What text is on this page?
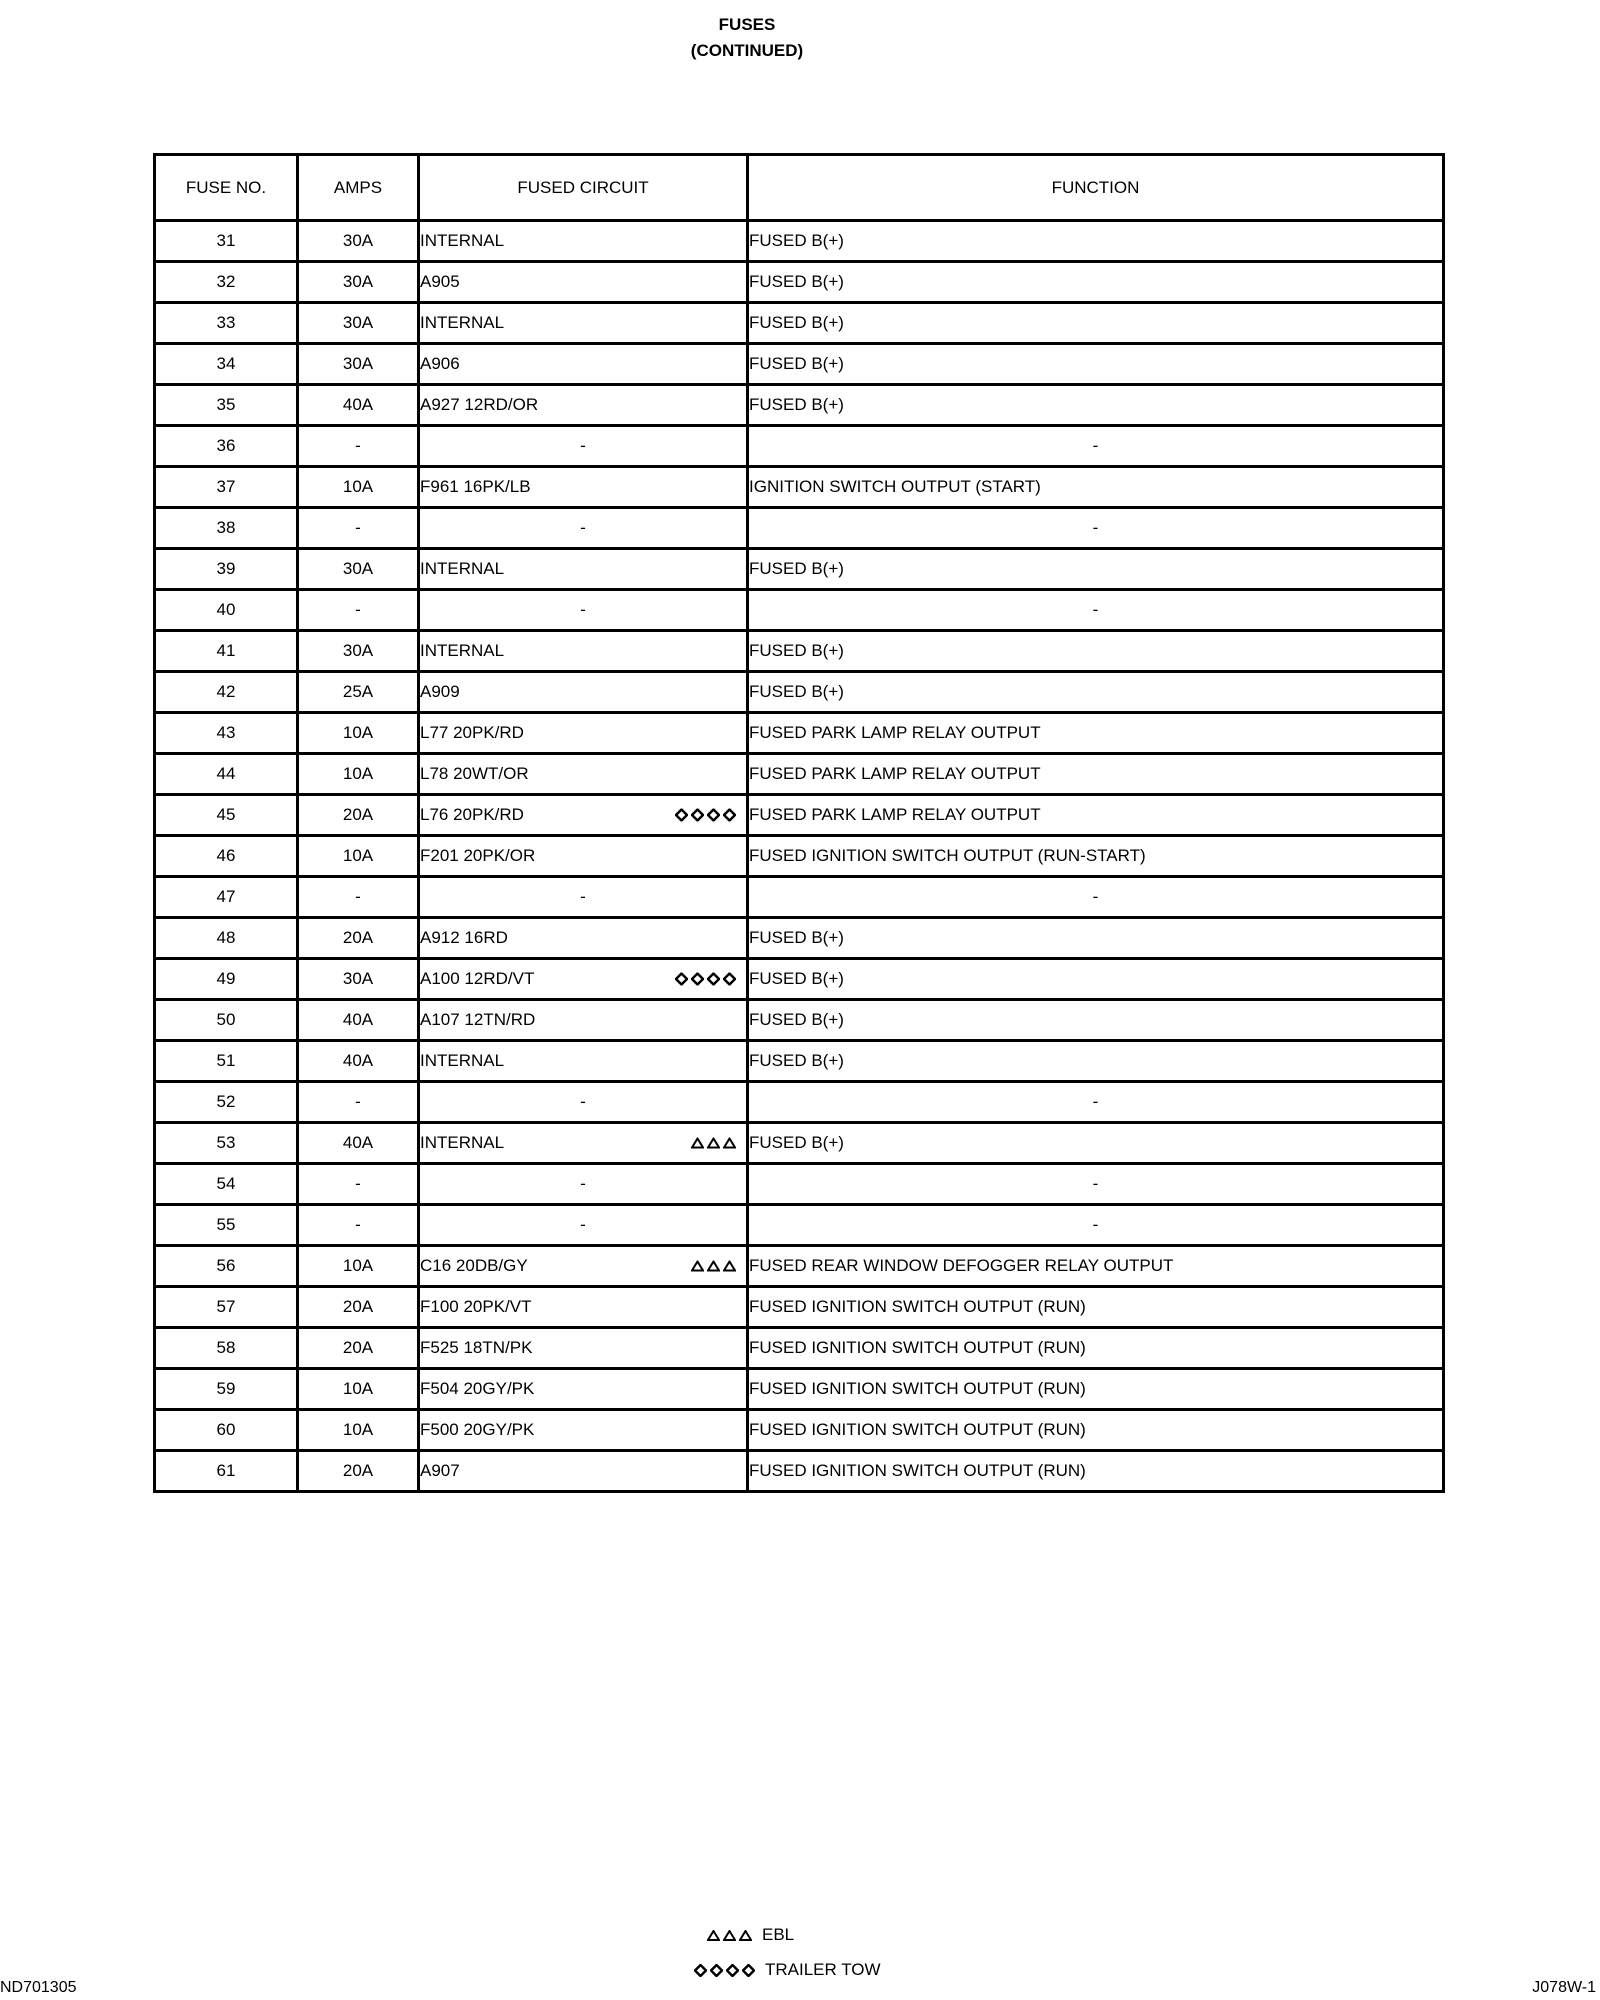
FUSES
(CONTINUED)
FUSE NO.	AMPS	FUSED CIRCUIT	FUNCTION
31	30A	INTERNAL	FUSED B(+)
32	30A	A905	FUSED B(+)
33	30A	INTERNAL	FUSED B(+)
34	30A	A906	FUSED B(+)
35	40A	A927 12RD/OR	FUSED B(+)
36	-	-	-
37	10A	F961 16PK/LB	IGNITION SWITCH OUTPUT (START)
38	-	-	-
39	30A	INTERNAL	FUSED B(+)
40	-	-	-
41	30A	INTERNAL	FUSED B(+)
42	25A	A909	FUSED B(+)
43	10A	L77 20PK/RD	FUSED PARK LAMP RELAY OUTPUT
44	10A	L78 20WT/OR	FUSED PARK LAMP RELAY OUTPUT
45	20A	L76 20PK/RD	FUSED PARK LAMP RELAY OUTPUT
46	10A	F201 20PK/OR	FUSED IGNITION SWITCH OUTPUT (RUN-START)
47	-	-	-
48	20A	A912 16RD	FUSED B(+)
49	30A	A100 12RD/VT	FUSED B(+)
50	40A	A107 12TN/RD	FUSED B(+)
51	40A	INTERNAL	FUSED B(+)
52	-	-	-
53	40A	INTERNAL	FUSED B(+)
54	-	-	-
55	-	-	-
56	10A	C16 20DB/GY	FUSED REAR WINDOW DEFOGGER RELAY OUTPUT
57	20A	F100 20PK/VT	FUSED IGNITION SWITCH OUTPUT (RUN)
58	20A	F525 18TN/PK	FUSED IGNITION SWITCH OUTPUT (RUN)
59	10A	F504 20GY/PK	FUSED IGNITION SWITCH OUTPUT (RUN)
60	10A	F500 20GY/PK	FUSED IGNITION SWITCH OUTPUT (RUN)
61	20A	A907	FUSED IGNITION SWITCH OUTPUT (RUN)
EBL
TRAILER TOW
ND701305	J078W-1
